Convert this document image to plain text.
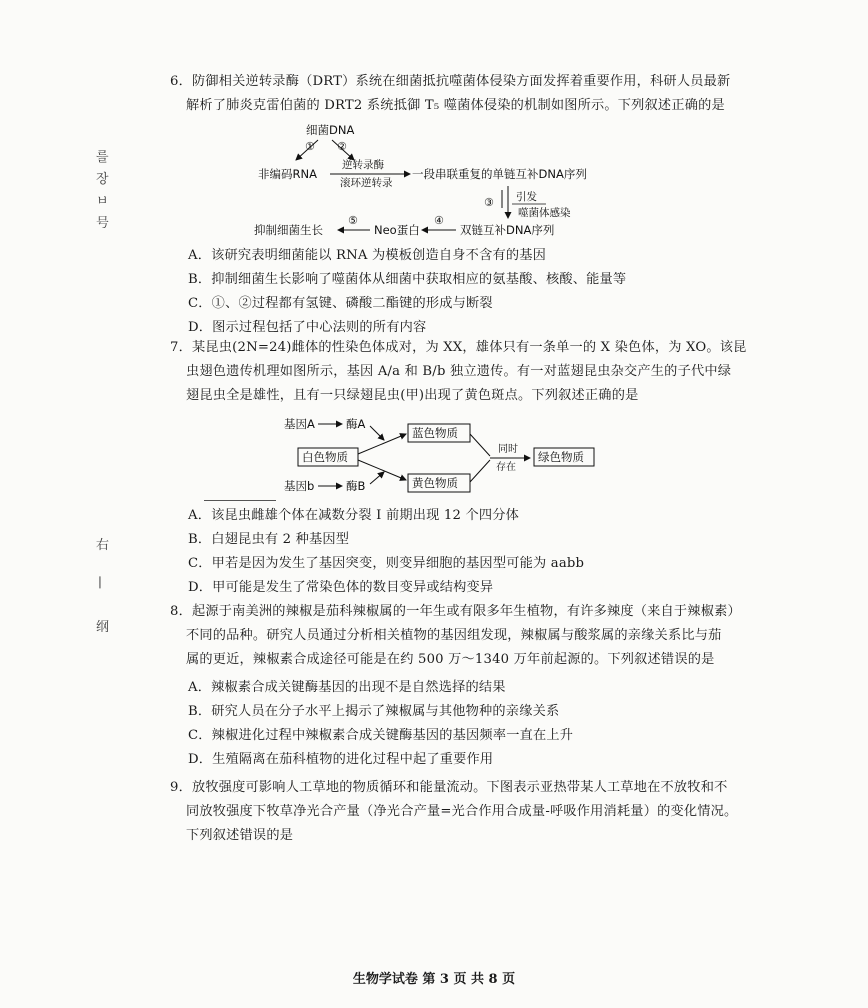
를
장
ㅂ
号
右
∣
纲
6．防御相关逆转录酶（DRT）系统在细菌抵抗噬菌体侵染方面发挥着重要作用，科研人员最新
解析了肺炎克雷伯菌的 DRT2 系统抵御 T₅ 噬菌体侵染的机制如图所示。下列叙述正确的是
细菌DNA
① ②
非编码RNA
逆转录酶
滚环逆转录
一段串联重复的单链互补DNA序列
③ 引发
噬菌体感染
双链互补DNA序列
④
Neo蛋白
⑤
抑制细菌生长
A．该研究表明细菌能以 RNA 为模板创造自身不含有的基因
B．抑制细菌生长影响了噬菌体从细菌中获取相应的氨基酸、核酸、能量等
C．①、②过程都有氢键、磷酸二酯键的形成与断裂
D．图示过程包括了中心法则的所有内容
7．某昆虫(2N=24)雌体的性染色体成对，为 XX，雄体只有一条单一的 X 染色体，为 XO。该昆
虫翅色遗传机理如图所示，基因 A/a 和 B/b 独立遗传。有一对蓝翅昆虫杂交产生的子代中绿
翅昆虫全是雄性，且有一只绿翅昆虫(甲)出现了黄色斑点。下列叙述正确的是
基因A	酶A
蓝色物质
白色物质
黄色物质
同时
存在
绿色物质
基因b	酶B
A．该昆虫雌雄个体在减数分裂 I 前期出现 12 个四分体
B．白翅昆虫有 2 种基因型
C．甲若是因为发生了基因突变，则变异细胞的基因型可能为 aabb
D．甲可能是发生了常染色体的数目变异或结构变异
8．起源于南美洲的辣椒是茄科辣椒属的一年生或有限多年生植物，有许多辣度（来自于辣椒素）
不同的品种。研究人员通过分析相关植物的基因组发现，辣椒属与酸浆属的亲缘关系比与茄
属的更近，辣椒素合成途径可能是在约 500 万～1340 万年前起源的。下列叙述错误的是
A．辣椒素合成关键酶基因的出现不是自然选择的结果
B．研究人员在分子水平上揭示了辣椒属与其他物种的亲缘关系
C．辣椒进化过程中辣椒素合成关键酶基因的基因频率一直在上升
D．生殖隔离在茄科植物的进化过程中起了重要作用
9．放牧强度可影响人工草地的物质循环和能量流动。下图表示亚热带某人工草地在不放牧和不
同放牧强度下牧草净光合产量（净光合产量=光合作用合成量-呼吸作用消耗量）的变化情况。
下列叙述错误的是
生物学试卷 第 3 页 共 8 页
